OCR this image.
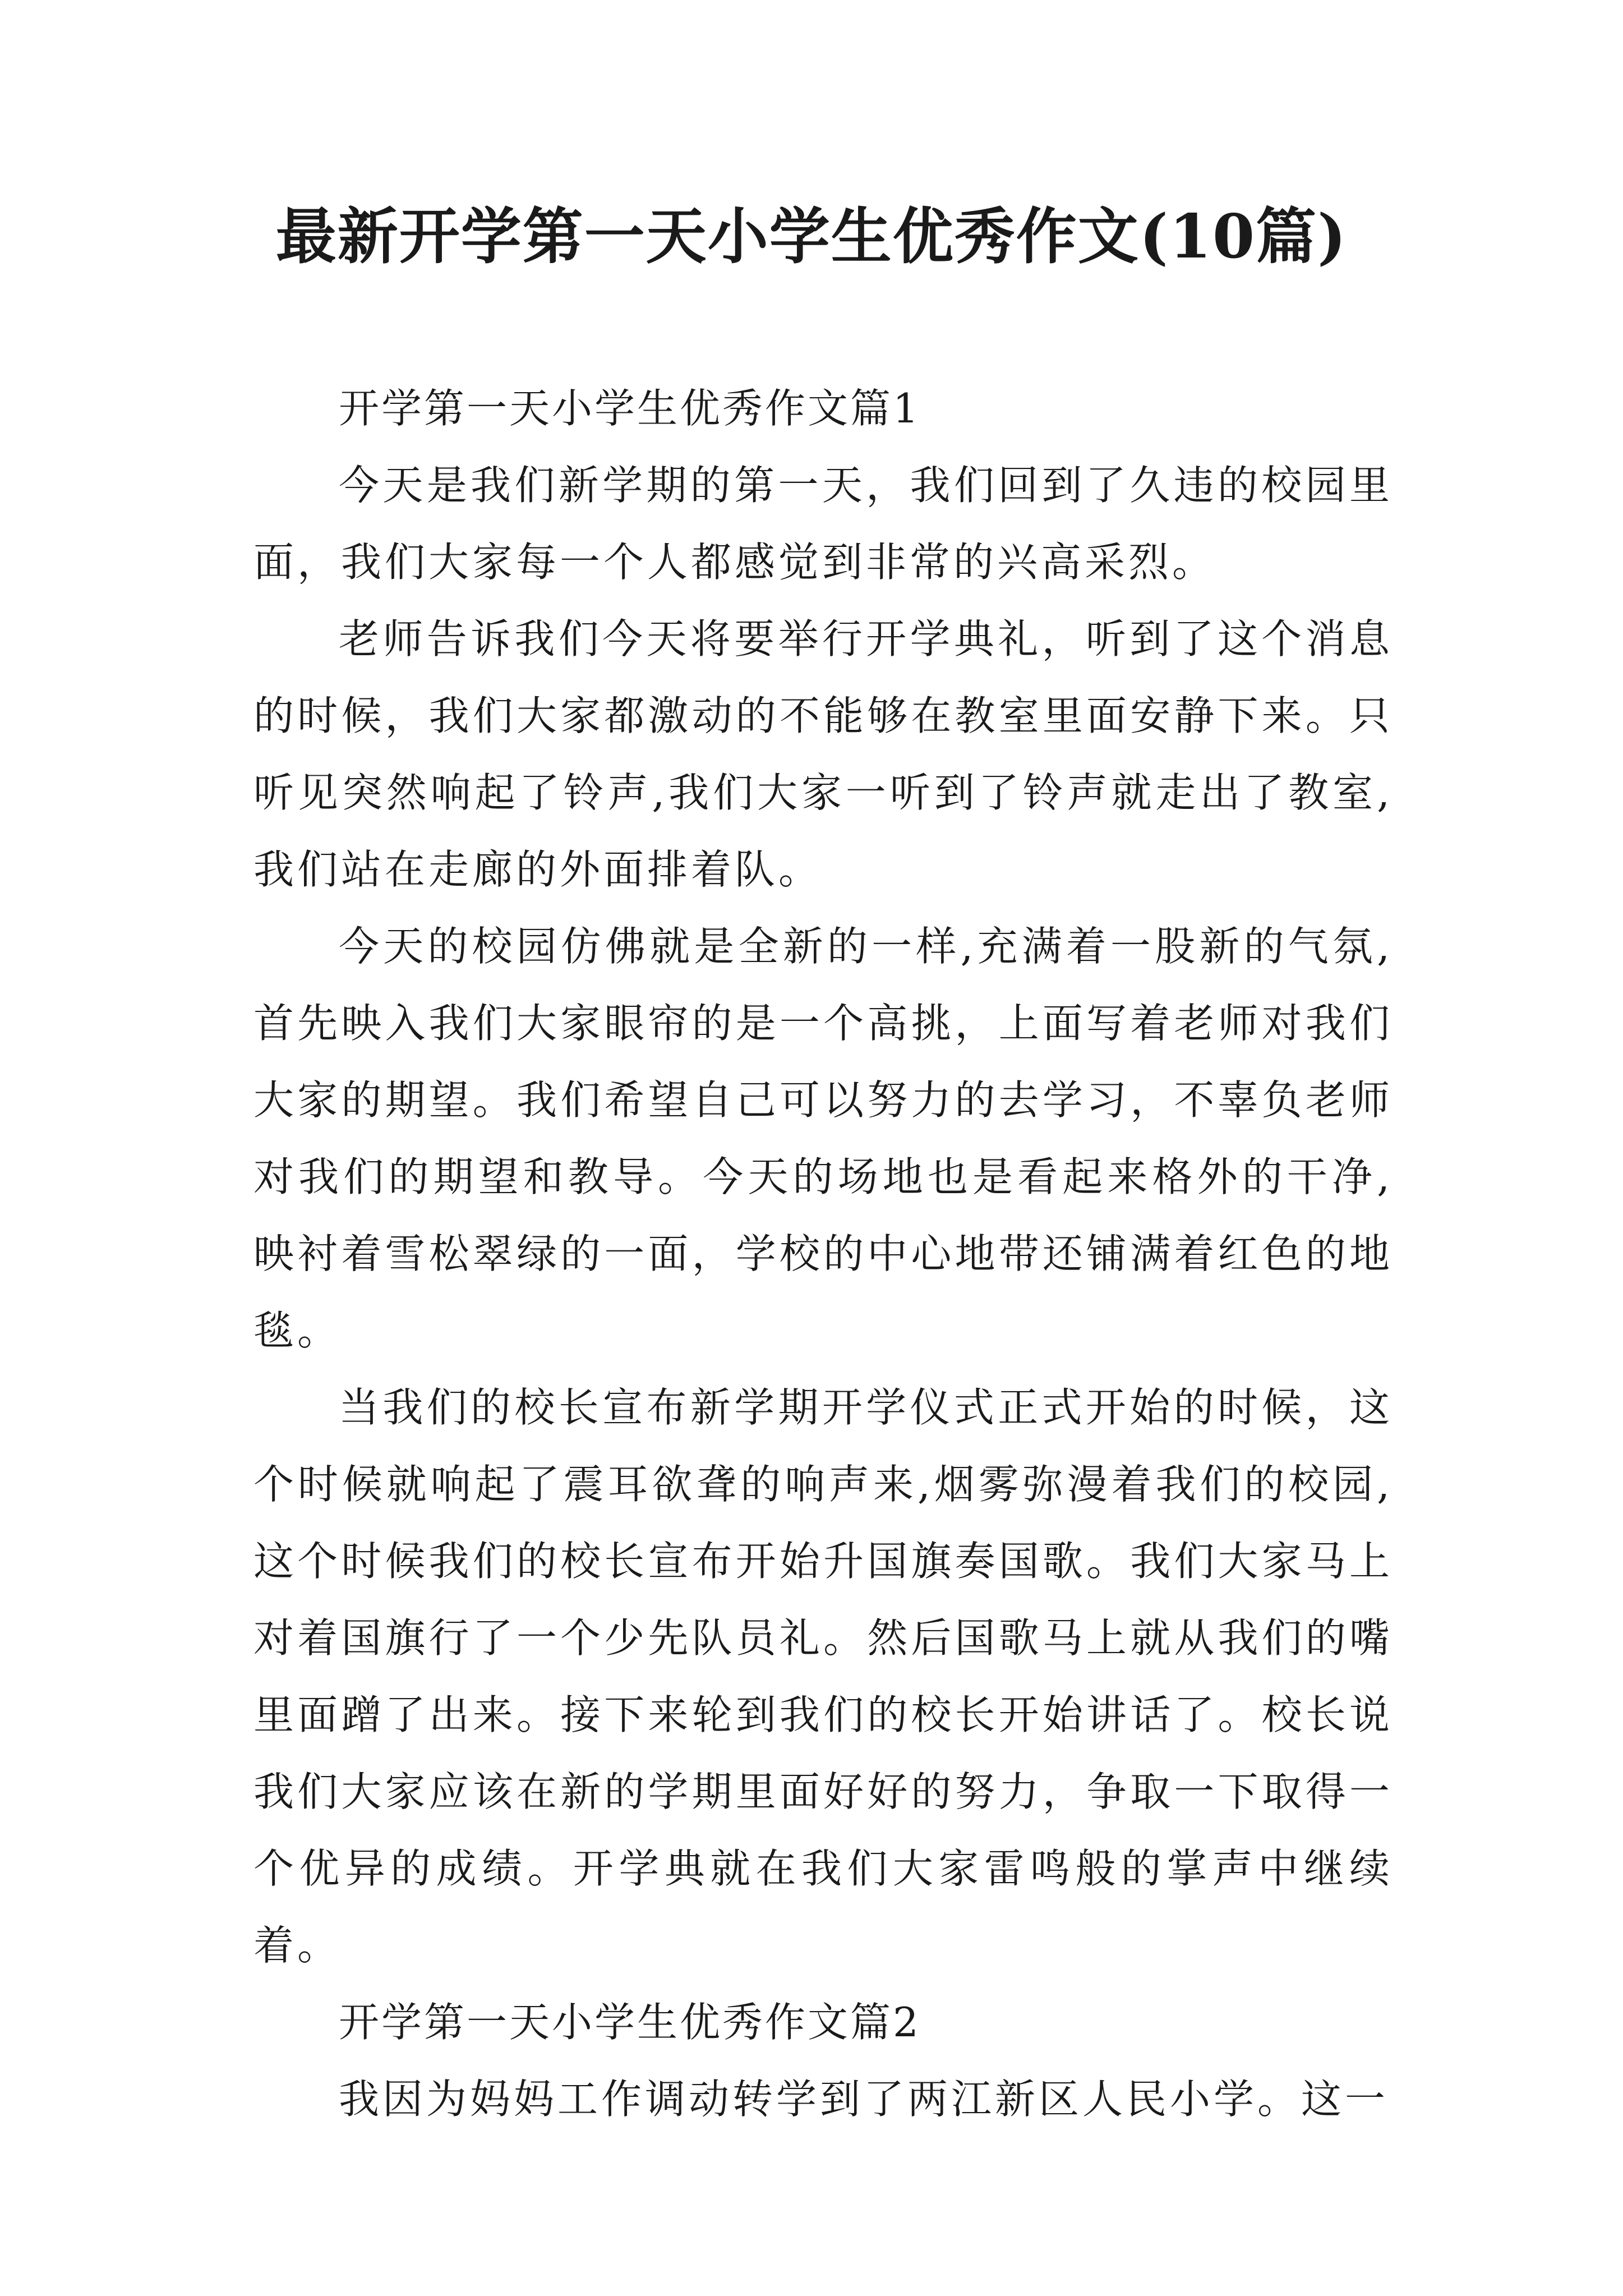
最新开学第一天小学生优秀作文(10篇)

开学第一天小学生优秀作文篇1

今天是我们新学期的第一天，我们回到了久违的校园里面，我们大家每一个人都感觉到非常的兴高采烈。

老师告诉我们今天将要举行开学典礼，听到了这个消息的时候，我们大家都激动的不能够在教室里面安静下来。只听见突然响起了铃声,我们大家一听到了铃声就走出了教室,我们站在走廊的外面排着队。

今天的校园仿佛就是全新的一样,充满着一股新的气氛,首先映入我们大家眼帘的是一个高挑，上面写着老师对我们大家的期望。我们希望自己可以努力的去学习，不辜负老师对我们的期望和教导。今天的场地也是看起来格外的干净,映衬着雪松翠绿的一面，学校的中心地带还铺满着红色的地毯。

当我们的校长宣布新学期开学仪式正式开始的时候，这个时候就响起了震耳欲聋的响声来,烟雾弥漫着我们的校园,这个时候我们的校长宣布开始升国旗奏国歌。我们大家马上对着国旗行了一个少先队员礼。然后国歌马上就从我们的嘴里面蹭了出来。接下来轮到我们的校长开始讲话了。校长说我们大家应该在新的学期里面好好的努力，争取一下取得一个优异的成绩。开学典就在我们大家雷鸣般的掌声中继续着。

开学第一天小学生优秀作文篇2

我因为妈妈工作调动转学到了两江新区人民小学。这一
